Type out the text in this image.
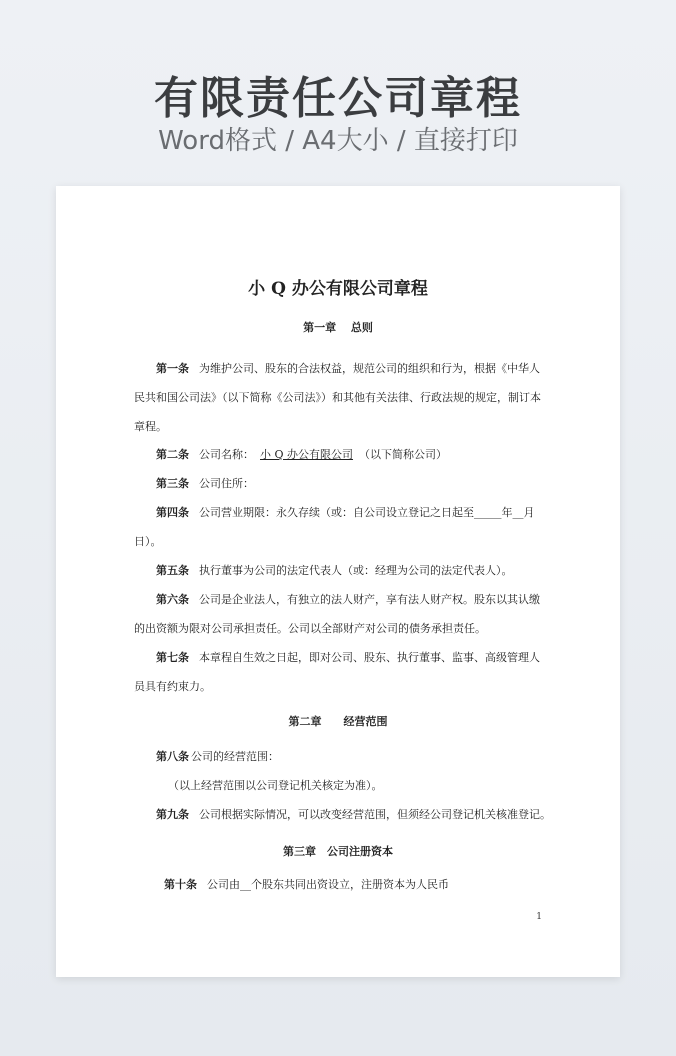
有限责任公司章程
Word格式 / A4大小 / 直接打印
小 Q 办公有限公司章程
第一章　 总则
第一条 为维护公司、股东的合法权益，规范公司的组织和行为，根据《中华人民共和国公司法》（以下简称《公司法》）和其他有关法律、行政法规的规定，制订本章程。
第二条 公司名称： 小 Q 办公有限公司 （以下简称公司）
第三条 公司住所：
第四条 公司营业期限：永久存续（或：自公司设立登记之日起至_____年__月日）。
第五条 执行董事为公司的法定代表人（或：经理为公司的法定代表人）。
第六条 公司是企业法人，有独立的法人财产，享有法人财产权。股东以其认缴的出资额为限对公司承担责任。公司以全部财产对公司的债务承担责任。
第七条 本章程自生效之日起，即对公司、股东、执行董事、监事、高级管理人员具有约束力。
第二章　　经营范围
第八条 公司的经营范围：
（以上经营范围以公司登记机关核定为准）。
第九条 公司根据实际情况，可以改变经营范围，但须经公司登记机关核准登记。
第三章　公司注册资本
第十条 公司由__个股东共同出资设立，注册资本为人民币
1
